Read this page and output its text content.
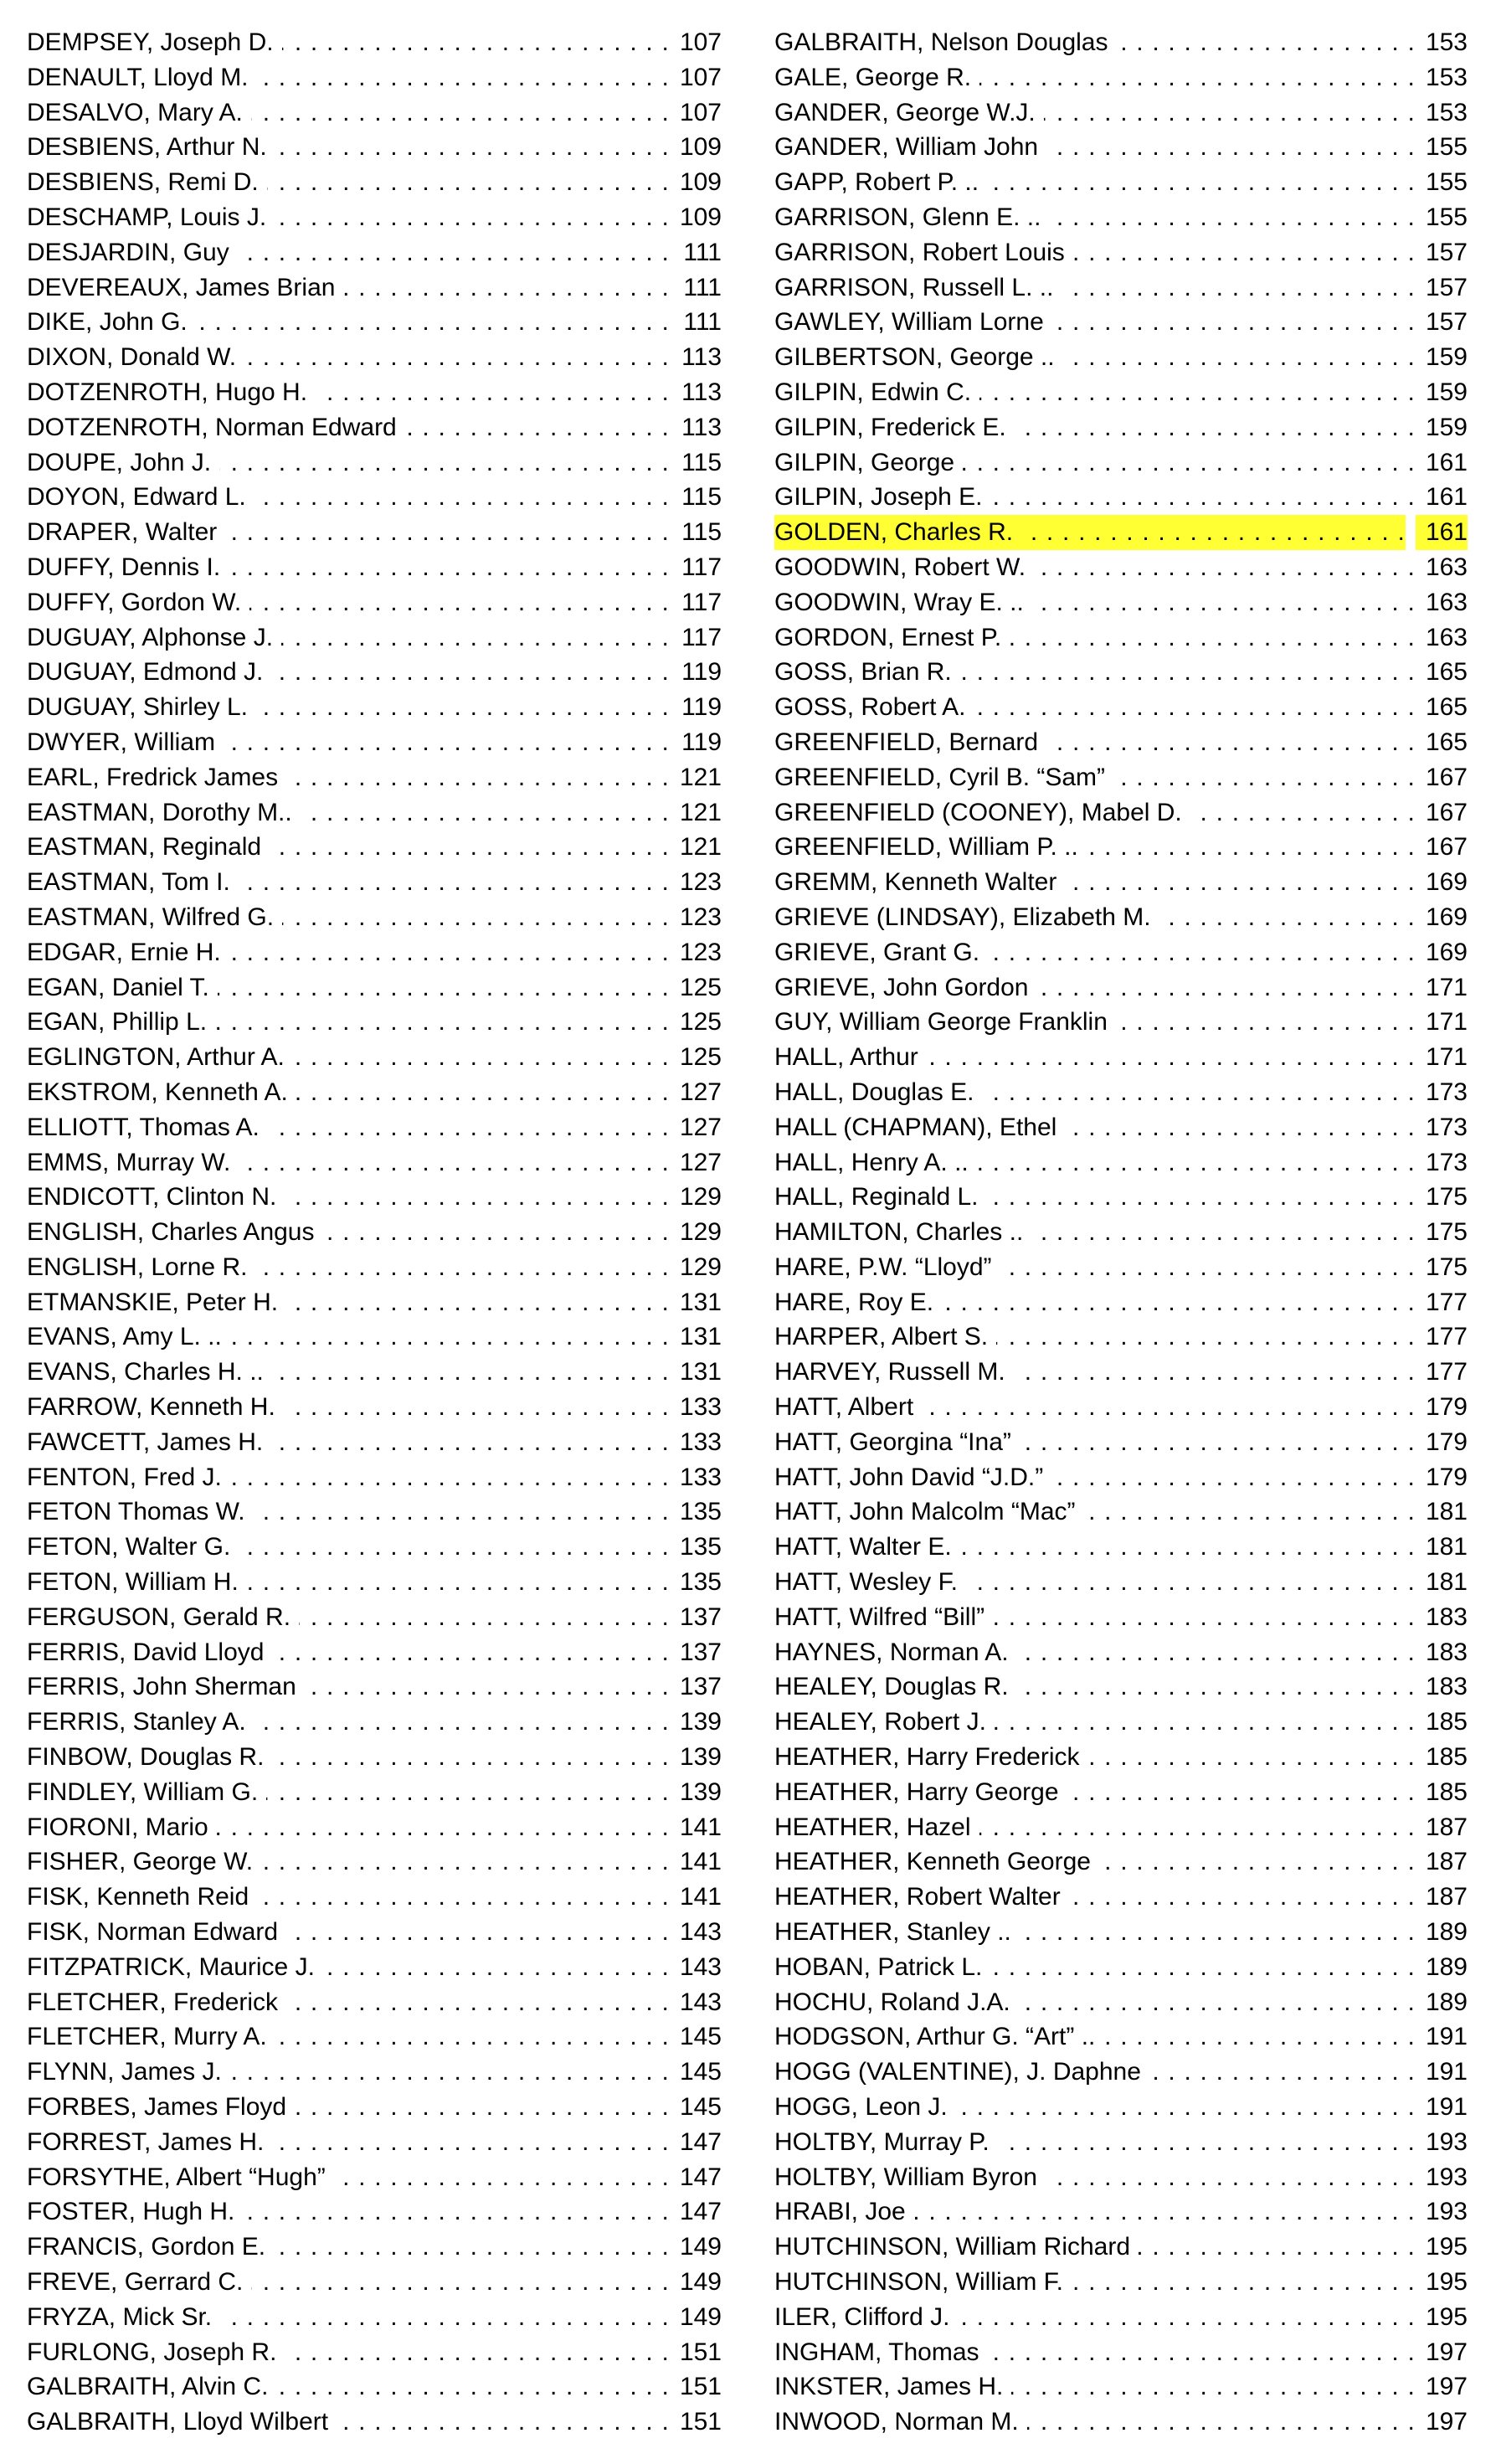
DEMPSEY, Joseph D. . . .	107
DENAULT, Lloyd M. . . .	107
DESALVO, Mary A. . . .	107
DESBIENS, Arthur N. . . .	109
DESBIENS, Remi D. . . .	109
DESCHAMP, Louis J. . . .	109
DESJARDIN, Guy . . .	111
DEVEREAUX, James Brian . . .	111
DIKE, John G. . . .	111
DIXON, Donald W. . . .	113
DOTZENROTH, Hugo H. . . .	113
DOTZENROTH, Norman Edward . . .	113
DOUPE, John J. . . .	115
DOYON, Edward L. . . .	115
DRAPER, Walter . . .	115
DUFFY, Dennis I. . . .	117
DUFFY, Gordon W. . . .	117
DUGUAY, Alphonse J. . . .	117
DUGUAY, Edmond J. . . .	119
DUGUAY, Shirley L. . . .	119
DWYER, William . . .	119
EARL, Fredrick James . . .	121
EASTMAN, Dorothy M.. . . .	121
EASTMAN, Reginald . . .	121
EASTMAN, Tom I. . . .	123
EASTMAN, Wilfred G. . . .	123
EDGAR, Ernie H. . . .	123
EGAN, Daniel T. . . .	125
EGAN, Phillip L. . . .	125
EGLINGTON, Arthur A. . . .	125
EKSTROM, Kenneth A. . . .	127
ELLIOTT, Thomas A. . . .	127
EMMS, Murray W. . . .	127
ENDICOTT, Clinton N. . . .	129
ENGLISH, Charles Angus . . .	129
ENGLISH, Lorne R. . . .	129
ETMANSKIE, Peter H. . . .	131
EVANS, Amy L. .. . . .	131
EVANS, Charles H. .. . . .	131
FARROW, Kenneth H. . . .	133
FAWCETT, James H. . . .	133
FENTON, Fred J. . . .	133
FETON Thomas W. . . .	135
FETON, Walter G. . . .	135
FETON, William H. . . .	135
FERGUSON, Gerald R. . . .	137
FERRIS, David Lloyd . . .	137
FERRIS, John Sherman . . .	137
FERRIS, Stanley A. . . .	139
FINBOW, Douglas R. . . .	139
FINDLEY, William G. . . .	139
FIORONI, Mario . . .	141
FISHER, George W. . . .	141
FISK, Kenneth Reid . . .	141
FISK, Norman Edward . . .	143
FITZPATRICK, Maurice J. . . .	143
FLETCHER, Frederick . . .	143
FLETCHER, Murry A. . . .	145
FLYNN, James J. . . .	145
FORBES, James Floyd . . .	145
FORREST, James H. . . .	147
FORSYTHE, Albert “Hugh” . . .	147
FOSTER, Hugh H. . . .	147
FRANCIS, Gordon E. . . .	149
FREVE, Gerrard C. . . .	149
FRYZA, Mick Sr. . . .	149
FURLONG, Joseph R. . . .	151
GALBRAITH, Alvin C. . . .	151
GALBRAITH, Lloyd Wilbert . . .	151
GALBRAITH, Nelson Douglas . . .	153
GALE, George R. . . .	153
GANDER, George W.J. . . .	153
GANDER, William John . . .	155
GAPP, Robert P. .. . . .	155
GARRISON, Glenn E. .. . . .	155
GARRISON, Robert Louis . . .	157
GARRISON, Russell L. .. . . .	157
GAWLEY, William Lorne . . .	157
GILBERTSON, George .. . . .	159
GILPIN, Edwin C. . . .	159
GILPIN, Frederick E. . . .	159
GILPIN, George . . .	161
GILPIN, Joseph E. . . .	161
GOLDEN, Charles R. . . .	161
GOODWIN, Robert W. . . .	163
GOODWIN, Wray E. .. . . .	163
GORDON, Ernest P. . . .	163
GOSS, Brian R. . . .	165
GOSS, Robert A. . . .	165
GREENFIELD, Bernard . . .	165
GREENFIELD, Cyril B. “Sam” . . .	167
GREENFIELD (COONEY), Mabel D. . . .	167
GREENFIELD, William P. .. . . .	167
GREMM, Kenneth Walter . . .	169
GRIEVE (LINDSAY), Elizabeth M. . . .	169
GRIEVE, Grant G. . . .	169
GRIEVE, John Gordon . . .	171
GUY, William George Franklin . . .	171
HALL, Arthur . . .	171
HALL, Douglas E. . . .	173
HALL (CHAPMAN), Ethel . . .	173
HALL, Henry A. .. . . .	173
HALL, Reginald L. . . .	175
HAMILTON, Charles .. . . .	175
HARE, P.W. “Lloyd” . . .	175
HARE, Roy E. . . .	177
HARPER, Albert S. . . .	177
HARVEY, Russell M. . . .	177
HATT, Albert . . .	179
HATT, Georgina “Ina” . . .	179
HATT, John David “J.D.” . . .	179
HATT, John Malcolm “Mac” . . .	181
HATT, Walter E. . . .	181
HATT, Wesley F. . . .	181
HATT, Wilfred “Bill” . . .	183
HAYNES, Norman A. . . .	183
HEALEY, Douglas R. . . .	183
HEALEY, Robert J. . . .	185
HEATHER, Harry Frederick . . .	185
HEATHER, Harry George . . .	185
HEATHER, Hazel . . .	187
HEATHER, Kenneth George . . .	187
HEATHER, Robert Walter . . .	187
HEATHER, Stanley .. . . .	189
HOBAN, Patrick L. . . .	189
HOCHU, Roland J.A. . . .	189
HODGSON, Arthur G. “Art” .. . . .	191
HOGG (VALENTINE), J. Daphne . . .	191
HOGG, Leon J. . . .	191
HOLTBY, Murray P. . . .	193
HOLTBY, William Byron . . .	193
HRABI, Joe . . .	193
HUTCHINSON, William Richard . . .	195
HUTCHINSON, William F. . . .	195
ILER, Clifford J. . . .	195
INGHAM, Thomas . . .	197
INKSTER, James H. . . .	197
INWOOD, Norman M. . . .	197
